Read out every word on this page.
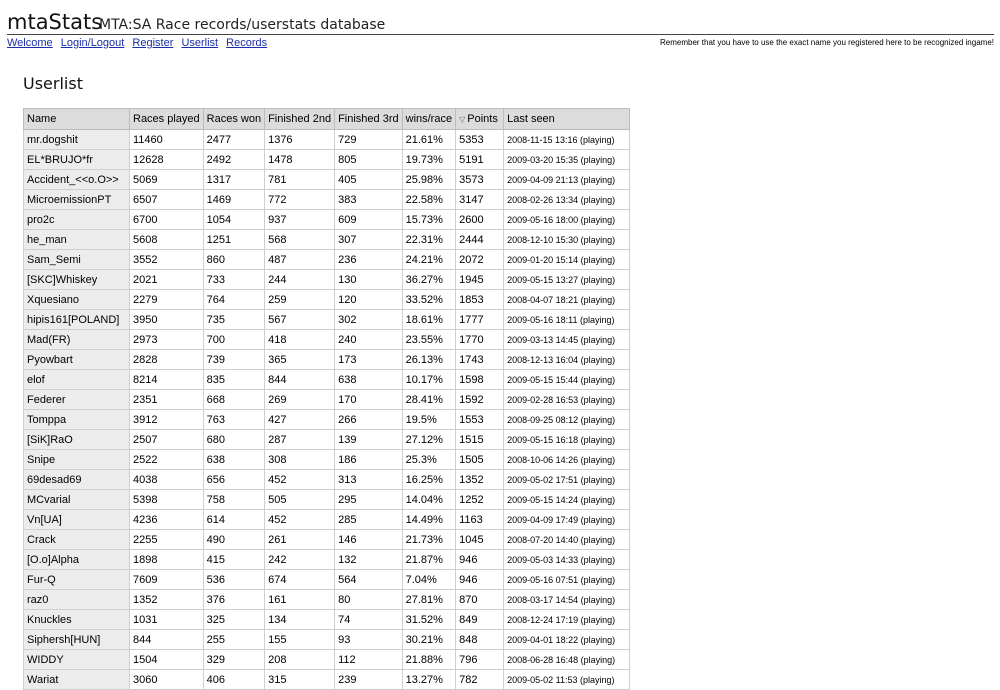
mtaStats
MTA:SA Race records/userstats database
Welcome Login/Logout Register Userlist Records	Remember that you have to use the exact name you registered here to be recognized ingame!
Userlist
Name	Races played	Races won	Finished 2nd	Finished 3rd	wins/race	▽ Points	Last seen
mr.dogshit	11460	2477	1376	729	21.61%	5353	2008-11-15 13:16 (playing)
EL*BRUJO*fr	12628	2492	1478	805	19.73%	5191	2009-03-20 15:35 (playing)
Accident_<<o.O>>	5069	1317	781	405	25.98%	3573	2009-04-09 21:13 (playing)
MicroemissionPT	6507	1469	772	383	22.58%	3147	2008-02-26 13:34 (playing)
pro2c	6700	1054	937	609	15.73%	2600	2009-05-16 18:00 (playing)
he_man	5608	1251	568	307	22.31%	2444	2008-12-10 15:30 (playing)
Sam_Semi	3552	860	487	236	24.21%	2072	2009-01-20 15:14 (playing)
[SKC]Whiskey	2021	733	244	130	36.27%	1945	2009-05-15 13:27 (playing)
Xquesiano	2279	764	259	120	33.52%	1853	2008-04-07 18:21 (playing)
hipis161[POLAND]	3950	735	567	302	18.61%	1777	2009-05-16 18:11 (playing)
Mad(FR)	2973	700	418	240	23.55%	1770	2009-03-13 14:45 (playing)
Pyowbart	2828	739	365	173	26.13%	1743	2008-12-13 16:04 (playing)
elof	8214	835	844	638	10.17%	1598	2009-05-15 15:44 (playing)
Federer	2351	668	269	170	28.41%	1592	2009-02-28 16:53 (playing)
Tomppa	3912	763	427	266	19.5%	1553	2008-09-25 08:12 (playing)
[SiK]RaO	2507	680	287	139	27.12%	1515	2009-05-15 16:18 (playing)
Snipe	2522	638	308	186	25.3%	1505	2008-10-06 14:26 (playing)
69desad69	4038	656	452	313	16.25%	1352	2009-05-02 17:51 (playing)
MCvarial	5398	758	505	295	14.04%	1252	2009-05-15 14:24 (playing)
Vn[UA]	4236	614	452	285	14.49%	1163	2009-04-09 17:49 (playing)
Crack	2255	490	261	146	21.73%	1045	2008-07-20 14:40 (playing)
[O.o]Alpha	1898	415	242	132	21.87%	946	2009-05-03 14:33 (playing)
Fur-Q	7609	536	674	564	7.04%	946	2009-05-16 07:51 (playing)
raz0	1352	376	161	80	27.81%	870	2008-03-17 14:54 (playing)
Knuckles	1031	325	134	74	31.52%	849	2008-12-24 17:19 (playing)
Siphersh[HUN]	844	255	155	93	30.21%	848	2009-04-01 18:22 (playing)
WIDDY	1504	329	208	112	21.88%	796	2008-06-28 16:48 (playing)
Wariat	3060	406	315	239	13.27%	782	2009-05-02 11:53 (playing)
